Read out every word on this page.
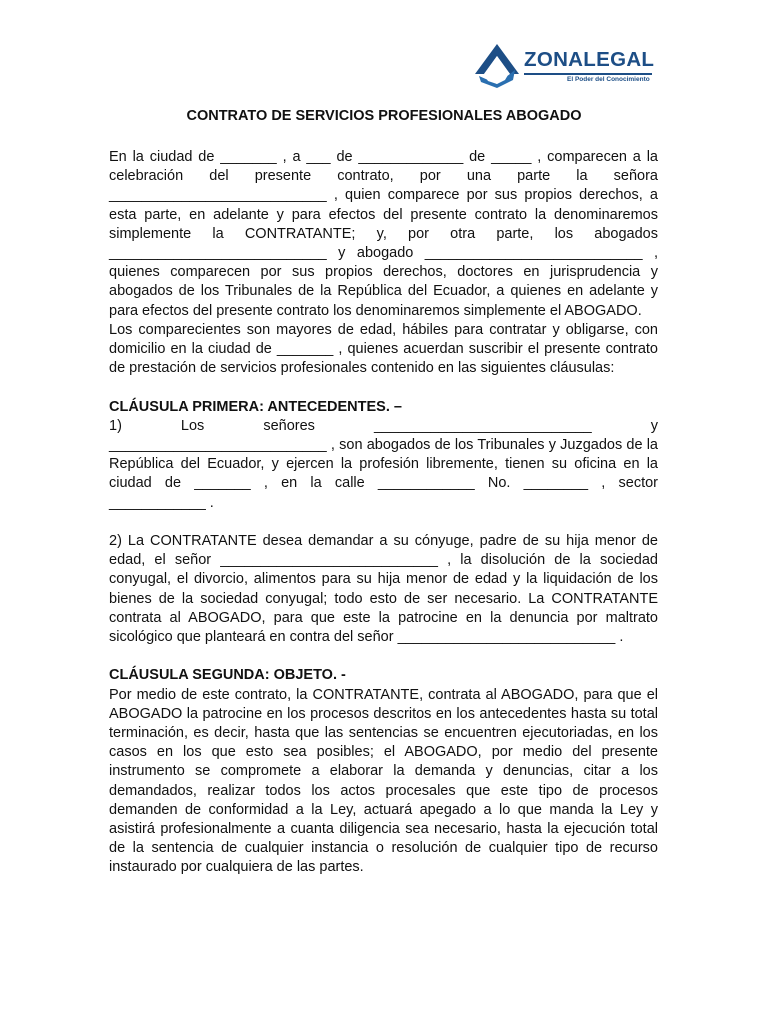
ZONALEGAL
El Poder del Conocimiento
CONTRATO DE SERVICIOS PROFESIONALES ABOGADO

En la ciudad de _______ , a ___ de _____________ de _____ , comparecen a la celebración del presente contrato, por una parte la señora ___________________________ , quien comparece por sus propios derechos, a esta parte, en adelante y para efectos del presente contrato la denominaremos simplemente la CONTRATANTE; y, por otra parte, los abogados ___________________________ y abogado ___________________________ , quienes comparecen por sus propios derechos, doctores en jurisprudencia y abogados de los Tribunales de la República del Ecuador, a quienes en adelante y para efectos del presente contrato los denominaremos simplemente el ABOGADO.

Los comparecientes son mayores de edad, hábiles para contratar y obligarse, con domicilio en la ciudad de _______ , quienes acuerdan suscribir el presente contrato de prestación de servicios profesionales contenido en las siguientes cláusulas:

CLÁUSULA PRIMERA: ANTECEDENTES. –

1) Los señores ___________________________ y ___________________________ , son abogados de los Tribunales y Juzgados de la República del Ecuador, y ejercen la profesión libremente, tienen su oficina en la ciudad de _______ , en la calle ____________ No. ________ , sector ____________ .

2) La CONTRATANTE desea demandar a su cónyuge, padre de su hija menor de edad, el señor ___________________________ , la disolución de la sociedad conyugal, el divorcio, alimentos para su hija menor de edad y la liquidación de los bienes de la sociedad conyugal; todo esto de ser necesario. La CONTRATANTE contrata al ABOGADO, para que este la patrocine en la denuncia por maltrato sicológico que planteará en contra del señor ___________________________ .

CLÁUSULA SEGUNDA: OBJETO. -

Por medio de este contrato, la CONTRATANTE, contrata al ABOGADO, para que el ABOGADO la patrocine en los procesos descritos en los antecedentes hasta su total terminación, es decir, hasta que las sentencias se encuentren ejecutoriadas, en los casos en los que esto sea posibles; el ABOGADO, por medio del presente instrumento se compromete a elaborar la demanda y denuncias, citar a los demandados, realizar todos los actos procesales que este tipo de procesos demanden de conformidad a la Ley, actuará apegado a lo que manda la Ley y asistirá profesionalmente a cuanta diligencia sea necesario, hasta la ejecución total de la sentencia de cualquier instancia o resolución de cualquier tipo de recurso instaurado por cualquiera de las partes.
